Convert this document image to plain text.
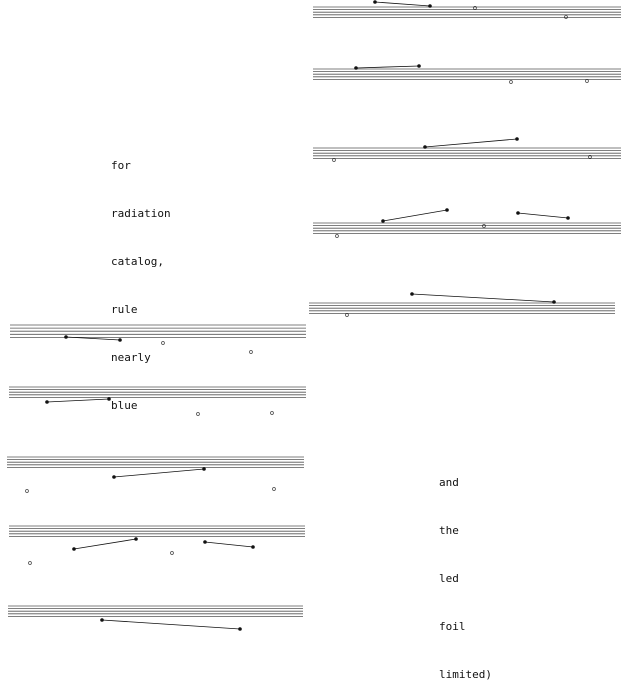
o
o
o	o
o	o
o
o
o
o
o
o	o
o	o
o
o

for

radiation

catalog,

rule

nearly

blue

and

the

led

foil

limited)
